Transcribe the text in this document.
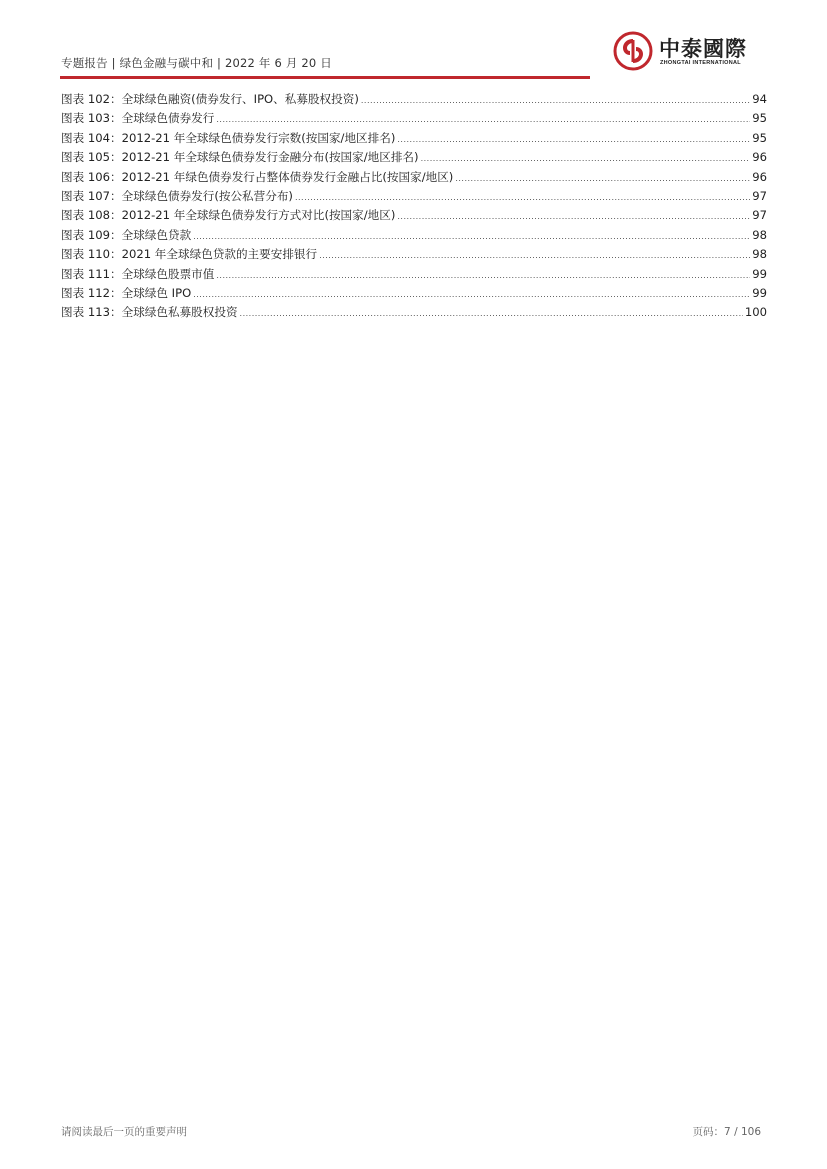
专题报告 | 绿色金融与碳中和 | 2022 年 6 月 20 日
中泰國際
ZHONGTAI INTERNATIONAL
图表 102：全球绿色融资(债券发行、IPO、私募股权投资) .....	94
图表 103：全球绿色债券发行 .....	95
图表 104：2012-21 年全球绿色债券发行宗数(按国家/地区排名) .....	95
图表 105：2012-21 年全球绿色债券发行金融分布(按国家/地区排名) .....	96
图表 106：2012-21 年绿色债券发行占整体债券发行金融占比(按国家/地区) .....	96
图表 107：全球绿色债券发行(按公私营分布) .....	97
图表 108：2012-21 年全球绿色债券发行方式对比(按国家/地区) .....	97
图表 109：全球绿色贷款 .....	98
图表 110：2021 年全球绿色贷款的主要安排银行 .....	98
图表 111：全球绿色股票市值 .....	99
图表 112：全球绿色 IPO .....	99
图表 113：全球绿色私募股权投资 .....	100
请阅读最后一页的重要声明	页码：7 / 106
